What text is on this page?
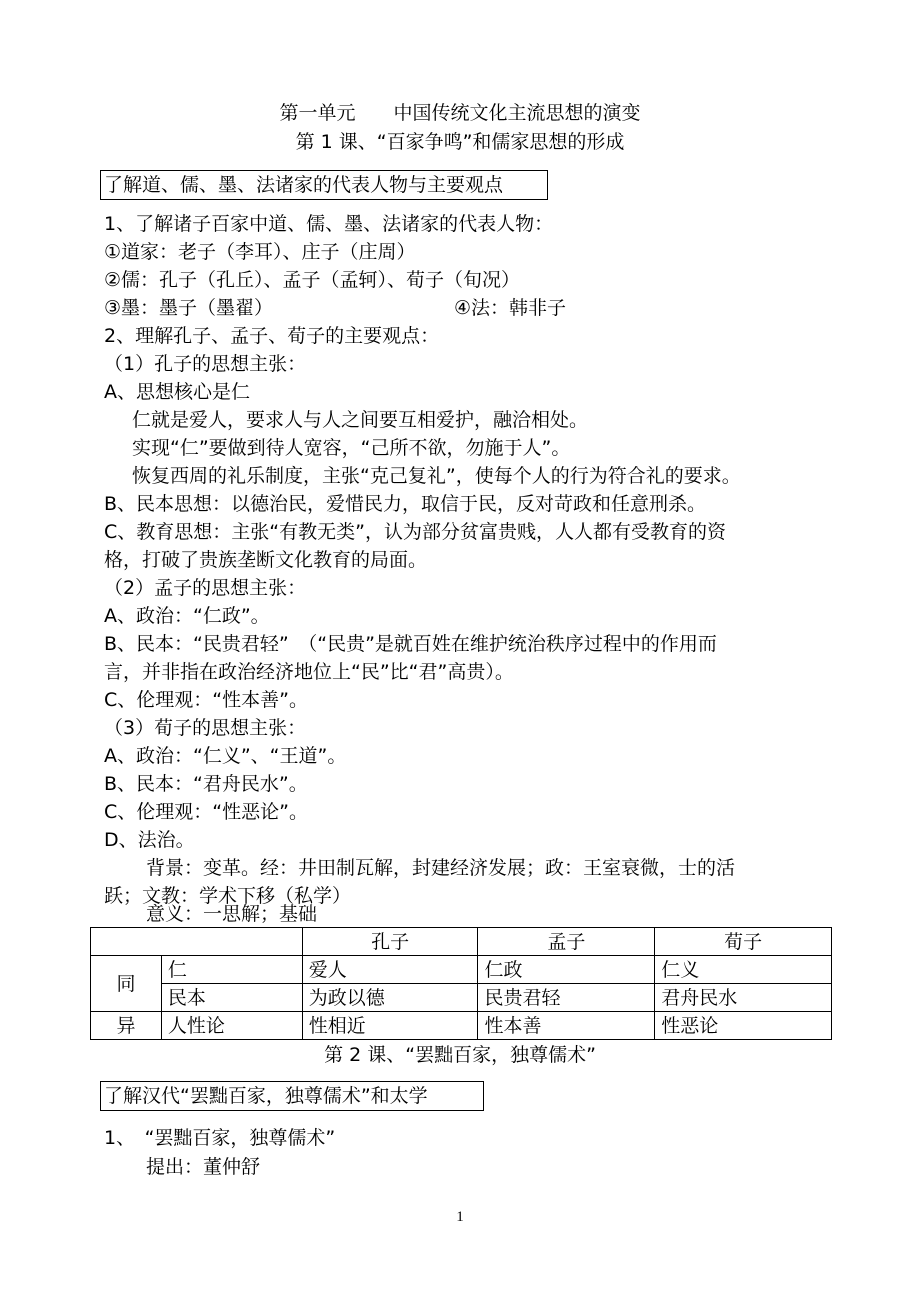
第一单元　　中国传统文化主流思想的演变
第 1 课、“百家争鸣”和儒家思想的形成
了解道、儒、墨、法诸家的代表人物与主要观点
1、了解诸子百家中道、儒、墨、法诸家的代表人物：
①道家：老子（李耳）、庄子（庄周）
②儒：孔子（孔丘）、孟子（孟轲）、荀子（旬况）
③墨：墨子（墨翟）	④法：韩非子
2、理解孔子、孟子、荀子的主要观点：
（1）孔子的思想主张：
A、思想核心是仁
仁就是爱人，要求人与人之间要互相爱护，融洽相处。
实现“仁”要做到待人宽容，“己所不欲，勿施于人”。
恢复西周的礼乐制度，主张“克己复礼”，使每个人的行为符合礼的要求。
B、民本思想：以德治民，爱惜民力，取信于民，反对苛政和任意刑杀。
C、教育思想：主张“有教无类”，认为部分贫富贵贱，人人都有受教育的资
格，打破了贵族垄断文化教育的局面。
（2）孟子的思想主张：
A、政治：“仁政”。
B、民本：“民贵君轻”　（“民贵”是就百姓在维护统治秩序过程中的作用而
言，并非指在政治经济地位上“民”比“君”高贵）。
C、伦理观：“性本善”。
（3）荀子的思想主张：
A、政治：“仁义”、“王道”。
B、民本：“君舟民水”。
C、伦理观：“性恶论”。
D、法治。
背景：变革。经：井田制瓦解，封建经济发展；政：王室衰微，士的活
跃；文教：学术下移（私学）
意义：一思解；基础
		孔子	孟子	荀子
同	仁	爱人	仁政	仁义
	民本	为政以德	民贵君轻	君舟民水
异	人性论	性相近	性本善	性恶论
第 2 课、“罢黜百家，独尊儒术”
了解汉代“罢黜百家，独尊儒术”和太学
1、　“罢黜百家，独尊儒术”
提出：董仲舒
1
